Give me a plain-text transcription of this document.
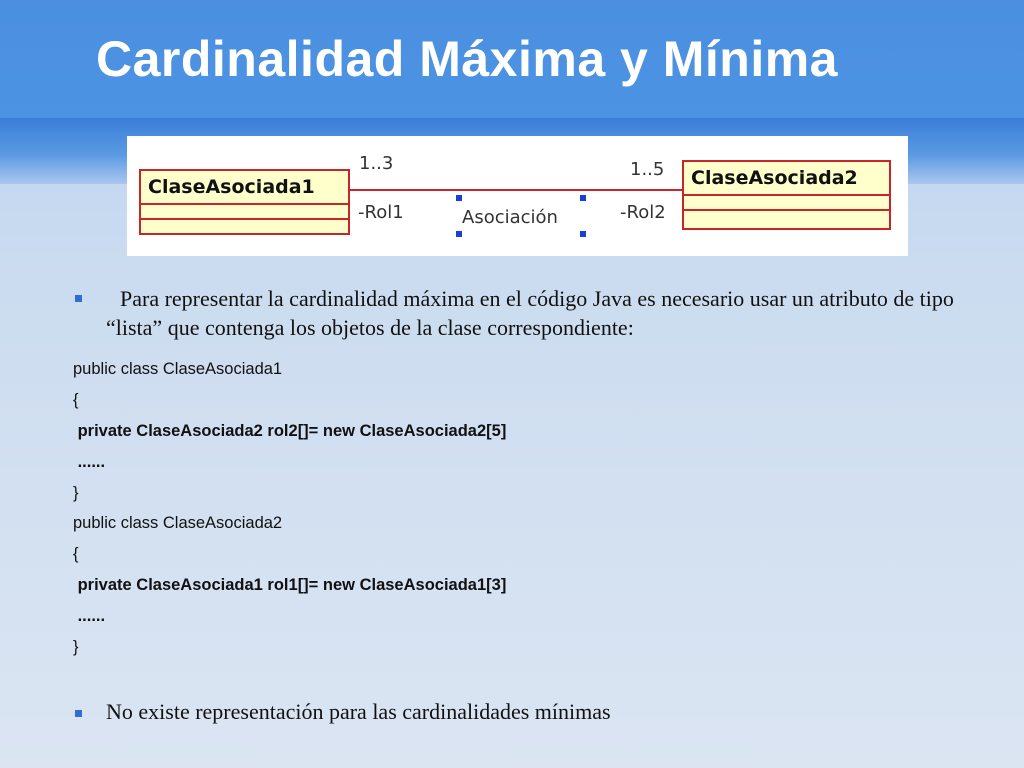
Cardinalidad Máxima y Mínima
ClaseAsociada1	ClaseAsociada2
1..3	1..5
-Rol1	-Rol2
Asociación

Para representar la cardinalidad máxima en el código Java es necesario usar un atributo de tipo “lista” que contenga los objetos de la clase correspondiente:

public class ClaseAsociada1
{
private ClaseAsociada2 rol2[]= new ClaseAsociada2[5]
......
}
public class ClaseAsociada2
{
private ClaseAsociada1 rol1[]= new ClaseAsociada1[3]
......
}

No existe representación para las cardinalidades mínimas
